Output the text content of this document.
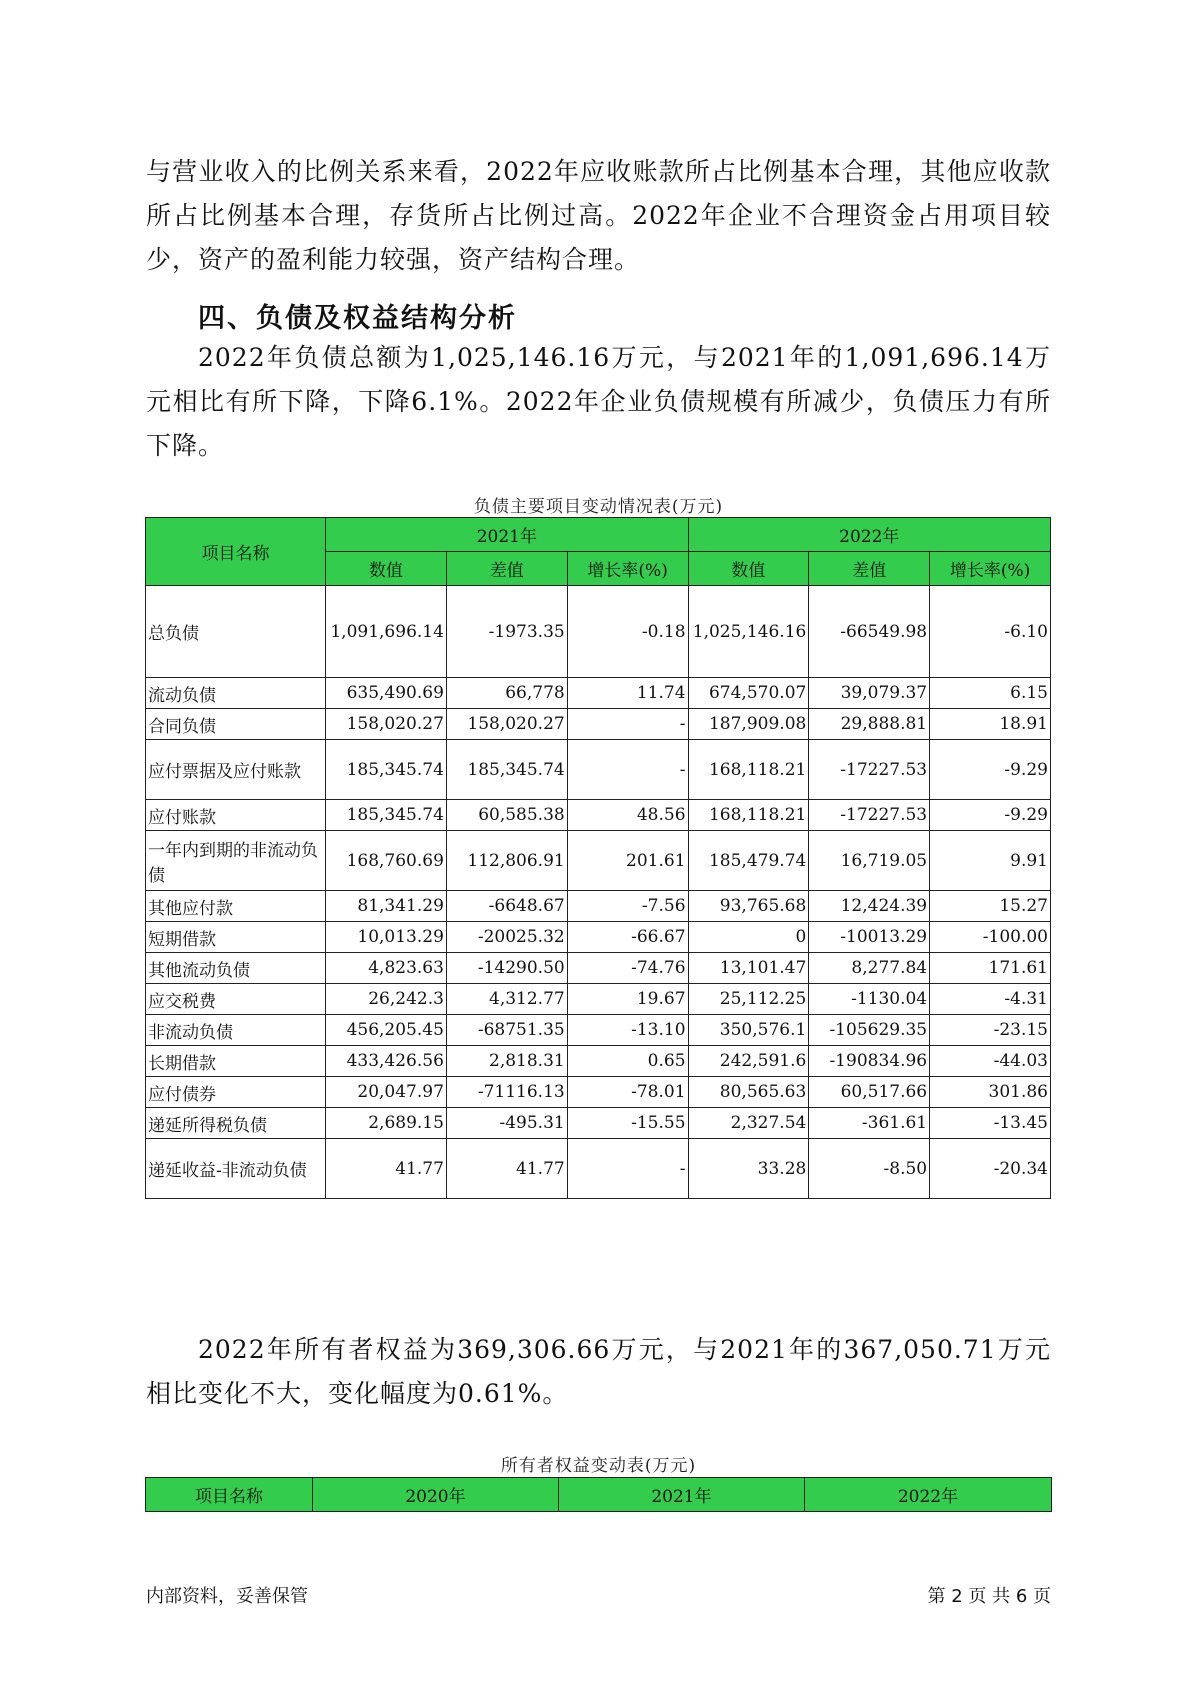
与营业收入的比例关系来看，2022年应收账款所占比例基本合理，其他应收款所占比例基本合理，存货所占比例过高。2022年企业不合理资金占用项目较少，资产的盈利能力较强，资产结构合理。

四、负债及权益结构分析

2022年负债总额为1,025,146.16万元，与2021年的1,091,696.14万元相比有所下降，下降6.1%。2022年企业负债规模有所减少，负债压力有所下降。

负债主要项目变动情况表(万元)
项目名称	2021年			2022年		
	数值	差值	增长率(%)	数值	差值	增长率(%)
总负债	1,091,696.14	-1973.35	-0.18	1,025,146.16	-66549.98	-6.10
流动负债	635,490.69	66,778	11.74	674,570.07	39,079.37	6.15
合同负债	158,020.27	158,020.27	-	187,909.08	29,888.81	18.91
应付票据及应付账款	185,345.74	185,345.74	-	168,118.21	-17227.53	-9.29
应付账款	185,345.74	60,585.38	48.56	168,118.21	-17227.53	-9.29
一年内到期的非流动负债	168,760.69	112,806.91	201.61	185,479.74	16,719.05	9.91
其他应付款	81,341.29	-6648.67	-7.56	93,765.68	12,424.39	15.27
短期借款	10,013.29	-20025.32	-66.67	0	-10013.29	-100.00
其他流动负债	4,823.63	-14290.50	-74.76	13,101.47	8,277.84	171.61
应交税费	26,242.3	4,312.77	19.67	25,112.25	-1130.04	-4.31
非流动负债	456,205.45	-68751.35	-13.10	350,576.1	-105629.35	-23.15
长期借款	433,426.56	2,818.31	0.65	242,591.6	-190834.96	-44.03
应付债券	20,047.97	-71116.13	-78.01	80,565.63	60,517.66	301.86
递延所得税负债	2,689.15	-495.31	-15.55	2,327.54	-361.61	-13.45
递延收益-非流动负债	41.77	41.77	-	33.28	-8.50	-20.34

2022年所有者权益为369,306.66万元，与2021年的367,050.71万元相比变化不大，变化幅度为0.61%。

所有者权益变动表(万元)
项目名称	2020年	2021年	2022年
内部资料，妥善保管	第 2 页 共 6 页
